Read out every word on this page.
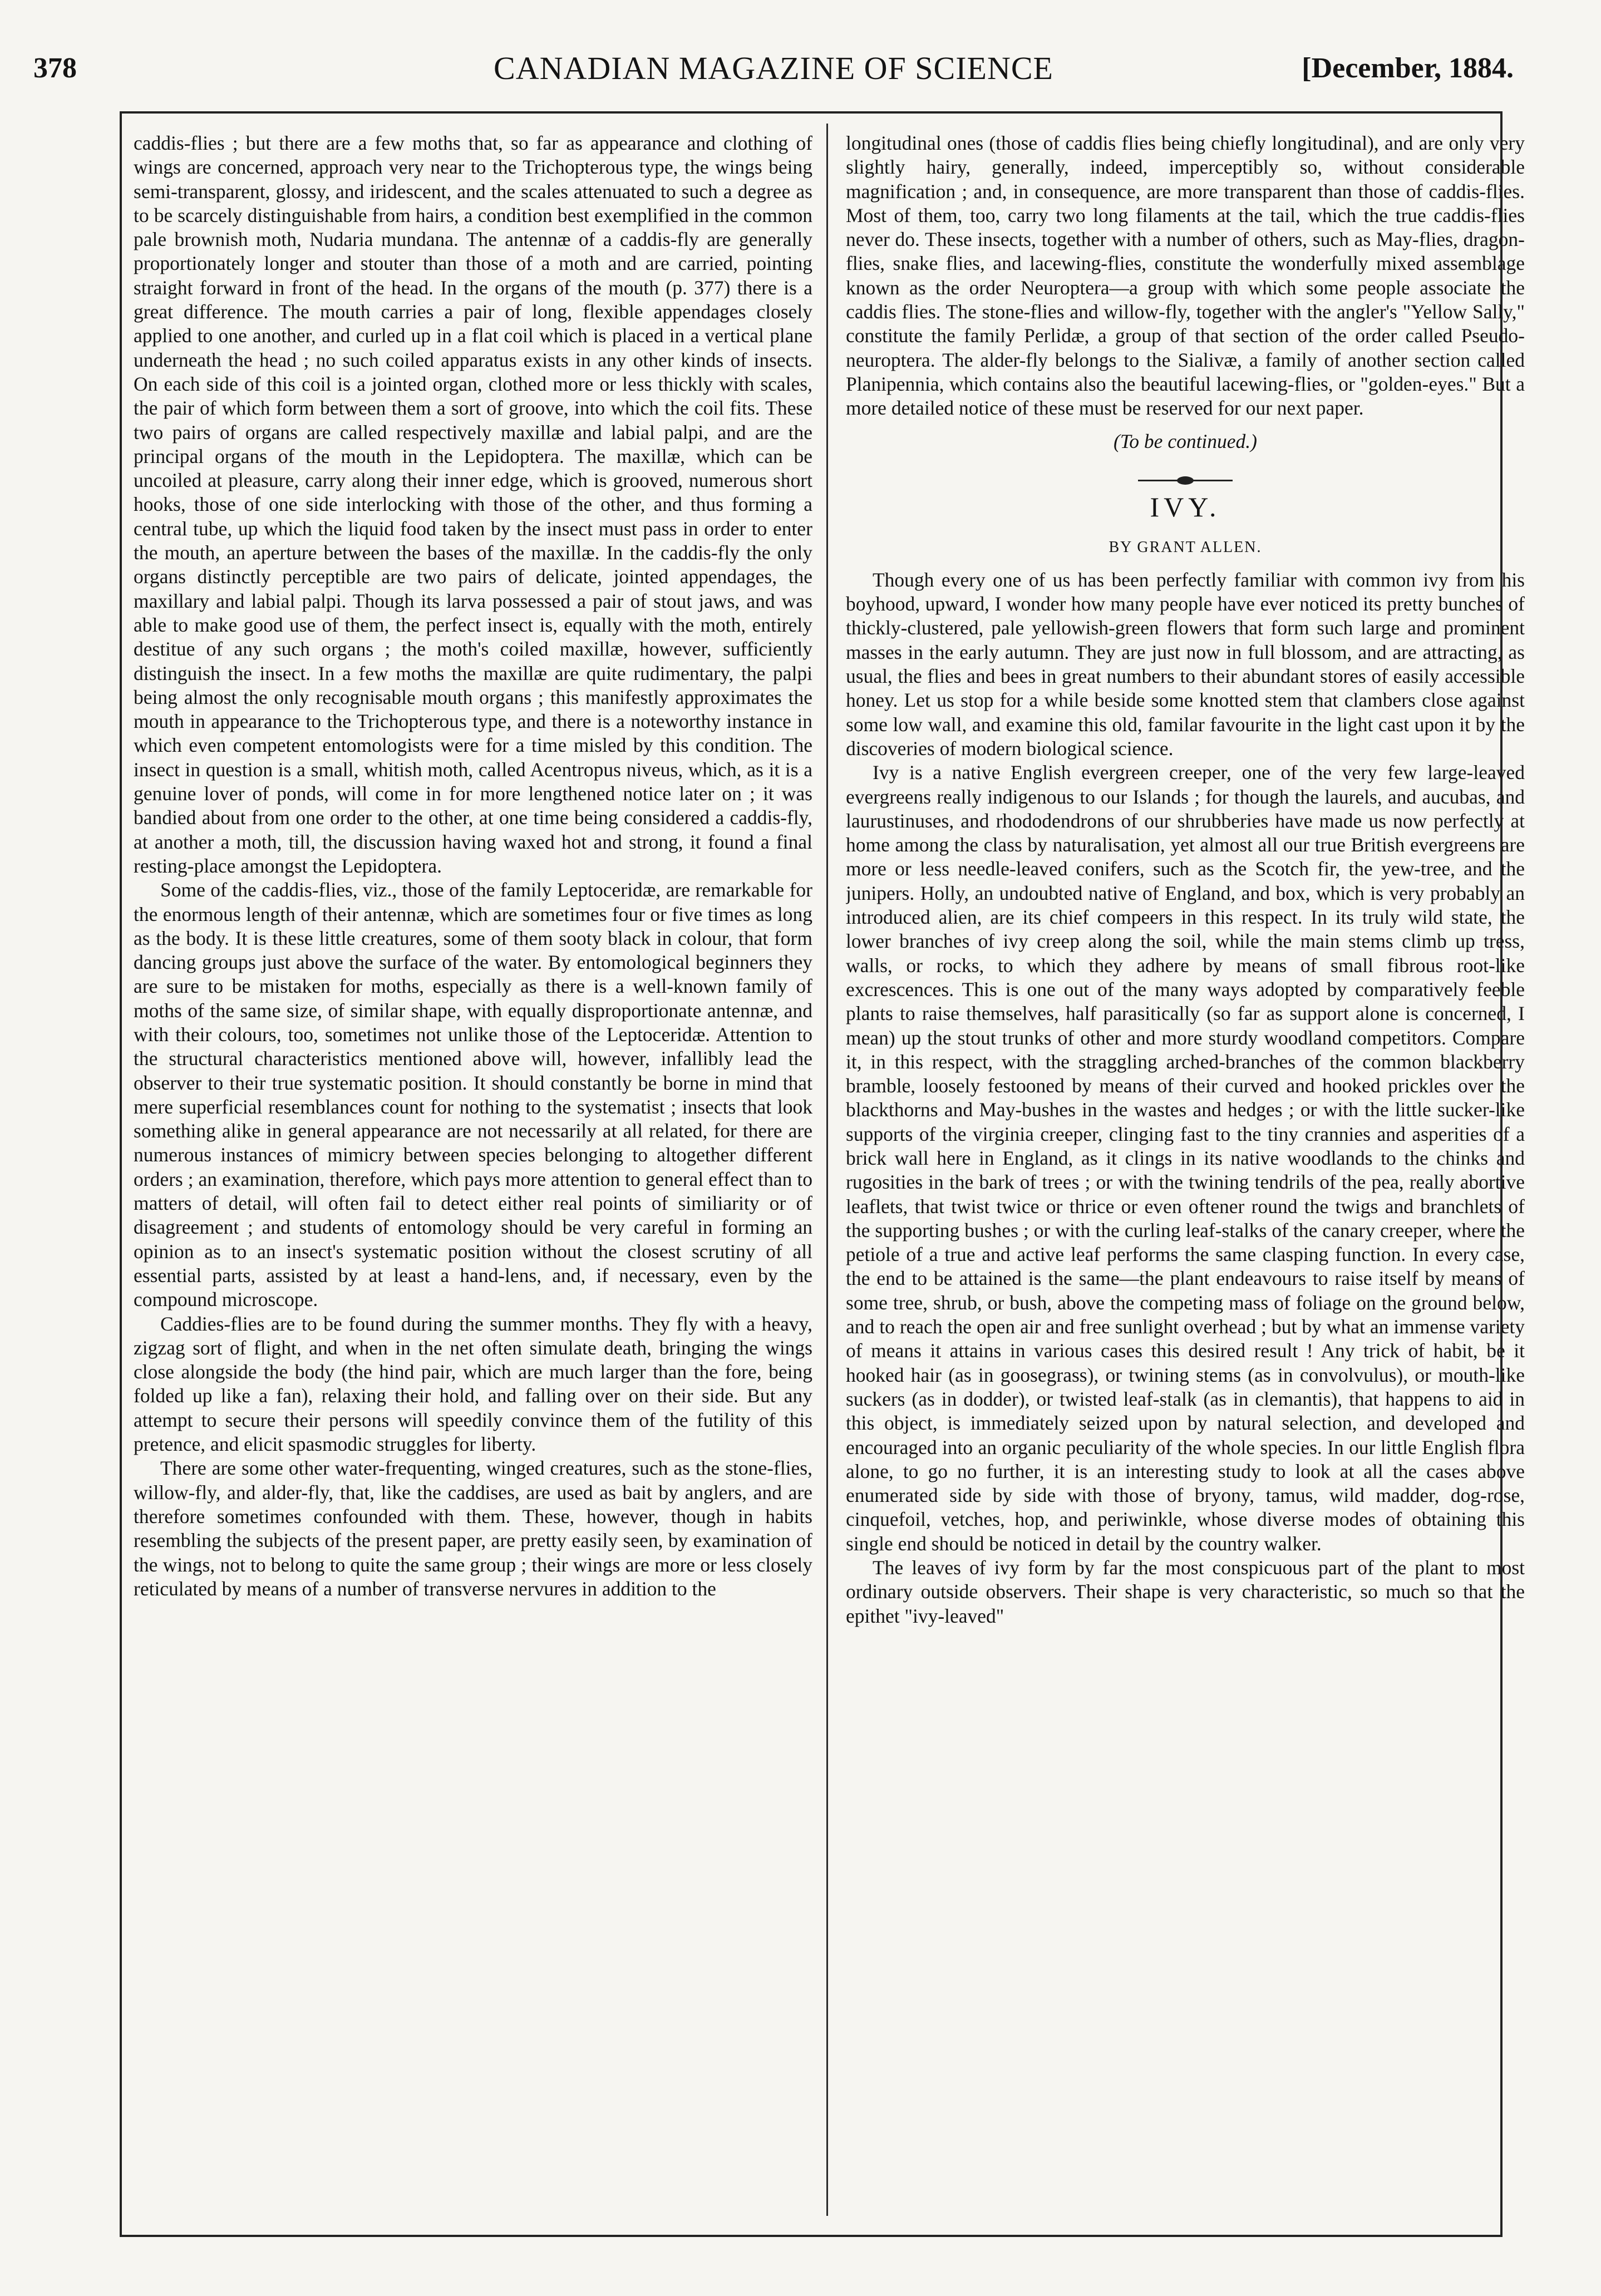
378	CANADIAN MAGAZINE OF SCIENCE	[December, 1884.

caddis-flies ; but there are a few moths that, so far as appearance and clothing of wings are concerned, approach very near to the Trichopterous type, the wings being semi-transparent, glossy, and iridescent, and the scales attenuated to such a degree as to be scarcely distinguishable from hairs, a condition best exemplified in the common pale brownish moth, Nudaria mundana. The antennæ of a caddis-fly are generally proportionately longer and stouter than those of a moth and are carried, pointing straight forward in front of the head. In the organs of the mouth (p. 377) there is a great difference. The mouth carries a pair of long, flexible appendages closely applied to one another, and curled up in a flat coil which is placed in a vertical plane underneath the head ; no such coiled apparatus exists in any other kinds of insects. On each side of this coil is a jointed organ, clothed more or less thickly with scales, the pair of which form between them a sort of groove, into which the coil fits. These two pairs of organs are called respectively maxillæ and labial palpi, and are the principal organs of the mouth in the Lepidoptera. The maxillæ, which can be uncoiled at pleasure, carry along their inner edge, which is grooved, numerous short hooks, those of one side interlocking with those of the other, and thus forming a central tube, up which the liquid food taken by the insect must pass in order to enter the mouth, an aperture between the bases of the maxillæ. In the caddis-fly the only organs distinctly perceptible are two pairs of delicate, jointed appendages, the maxillary and labial palpi. Though its larva possessed a pair of stout jaws, and was able to make good use of them, the perfect insect is, equally with the moth, entirely destitue of any such organs ; the moth's coiled maxillæ, however, sufficiently distinguish the insect. In a few moths the maxillæ are quite rudimentary, the palpi being almost the only recognisable mouth organs ; this manifestly approximates the mouth in appearance to the Trichopterous type, and there is a noteworthy instance in which even competent entomologists were for a time misled by this condition. The insect in question is a small, whitish moth, called Acentropus niveus, which, as it is a genuine lover of ponds, will come in for more lengthened notice later on ; it was bandied about from one order to the other, at one time being considered a caddis-fly, at another a moth, till, the discussion having waxed hot and strong, it found a final resting-place amongst the Lepidoptera.

Some of the caddis-flies, viz., those of the family Leptoceridæ, are remarkable for the enormous length of their antennæ, which are sometimes four or five times as long as the body. It is these little creatures, some of them sooty black in colour, that form dancing groups just above the surface of the water. By entomological beginners they are sure to be mistaken for moths, especially as there is a well-known family of moths of the same size, of similar shape, with equally disproportionate antennæ, and with their colours, too, sometimes not unlike those of the Leptoceridæ. Attention to the structural characteristics mentioned above will, however, infallibly lead the observer to their true systematic position. It should constantly be borne in mind that mere superficial resemblances count for nothing to the systematist ; insects that look something alike in general appearance are not necessarily at all related, for there are numerous instances of mimicry between species belonging to altogether different orders ; an examination, therefore, which pays more attention to general effect than to matters of detail, will often fail to detect either real points of similiarity or of disagreement ; and students of entomology should be very careful in forming an opinion as to an insect's systematic position without the closest scrutiny of all essential parts, assisted by at least a hand-lens, and, if necessary, even by the compound microscope.

Caddies-flies are to be found during the summer months. They fly with a heavy, zigzag sort of flight, and when in the net often simulate death, bringing the wings close alongside the body (the hind pair, which are much larger than the fore, being folded up like a fan), relaxing their hold, and falling over on their side. But any attempt to secure their persons will speedily convince them of the futility of this pretence, and elicit spasmodic struggles for liberty.

There are some other water-frequenting, winged creatures, such as the stone-flies, willow-fly, and alder-fly, that, like the caddises, are used as bait by anglers, and are therefore sometimes confounded with them. These, however, though in habits resembling the subjects of the present paper, are pretty easily seen, by examination of the wings, not to belong to quite the same group ; their wings are more or less closely reticulated by means of a number of transverse nervures in addition to the

longitudinal ones (those of caddis flies being chiefly longitudinal), and are only very slightly hairy, generally, indeed, imperceptibly so, without considerable magnification ; and, in consequence, are more transparent than those of caddis-flies. Most of them, too, carry two long filaments at the tail, which the true caddis-flies never do. These insects, together with a number of others, such as May-flies, dragon-flies, snake flies, and lacewing-flies, constitute the wonderfully mixed assemblage known as the order Neuroptera—a group with which some people associate the caddis flies. The stone-flies and willow-fly, together with the angler's "Yellow Sally," constitute the family Perlidæ, a group of that section of the order called Pseudo-neuroptera. The alder-fly belongs to the Sialivæ, a family of another section called Planipennia, which contains also the beautiful lacewing-flies, or "golden-eyes." But a more detailed notice of these must be reserved for our next paper.

(To be continued.)

IVY.
BY GRANT ALLEN.

Though every one of us has been perfectly familiar with common ivy from his boyhood, upward, I wonder how many people have ever noticed its pretty bunches of thickly-clustered, pale yellowish-green flowers that form such large and prominent masses in the early autumn. They are just now in full blossom, and are attracting, as usual, the flies and bees in great numbers to their abundant stores of easily accessible honey. Let us stop for a while beside some knotted stem that clambers close against some low wall, and examine this old, familar favourite in the light cast upon it by the discoveries of modern biological science.

Ivy is a native English evergreen creeper, one of the very few large-leaved evergreens really indigenous to our Islands ; for though the laurels, and aucubas, and laurustinuses, and rhododendrons of our shrubberies have made us now perfectly at home among the class by naturalisation, yet almost all our true British evergreens are more or less needle-leaved conifers, such as the Scotch fir, the yew-tree, and the junipers. Holly, an undoubted native of England, and box, which is very probably an introduced alien, are its chief compeers in this respect. In its truly wild state, the lower branches of ivy creep along the soil, while the main stems climb up tress, walls, or rocks, to which they adhere by means of small fibrous root-like excrescences. This is one out of the many ways adopted by comparatively feeble plants to raise themselves, half parasitically (so far as support alone is concerned, I mean) up the stout trunks of other and more sturdy woodland competitors. Compare it, in this respect, with the straggling arched-branches of the common blackberry bramble, loosely festooned by means of their curved and hooked prickles over the blackthorns and May-bushes in the wastes and hedges ; or with the little sucker-like supports of the virginia creeper, clinging fast to the tiny crannies and asperities of a brick wall here in England, as it clings in its native woodlands to the chinks and rugosities in the bark of trees ; or with the twining tendrils of the pea, really abortive leaflets, that twist twice or thrice or even oftener round the twigs and branchlets of the supporting bushes ; or with the curling leaf-stalks of the canary creeper, where the petiole of a true and active leaf performs the same clasping function. In every case, the end to be attained is the same—the plant endeavours to raise itself by means of some tree, shrub, or bush, above the competing mass of foliage on the ground below, and to reach the open air and free sunlight overhead ; but by what an immense variety of means it attains in various cases this desired result ! Any trick of habit, be it hooked hair (as in goosegrass), or twining stems (as in convolvulus), or mouth-like suckers (as in dodder), or twisted leaf-stalk (as in clemantis), that happens to aid in this object, is immediately seized upon by natural selection, and developed and encouraged into an organic peculiarity of the whole species. In our little English flora alone, to go no further, it is an interesting study to look at all the cases above enumerated side by side with those of bryony, tamus, wild madder, dog-rose, cinquefoil, vetches, hop, and periwinkle, whose diverse modes of obtaining this single end should be noticed in detail by the country walker.

The leaves of ivy form by far the most conspicuous part of the plant to most ordinary outside observers. Their shape is very characteristic, so much so that the epithet "ivy-leaved"
